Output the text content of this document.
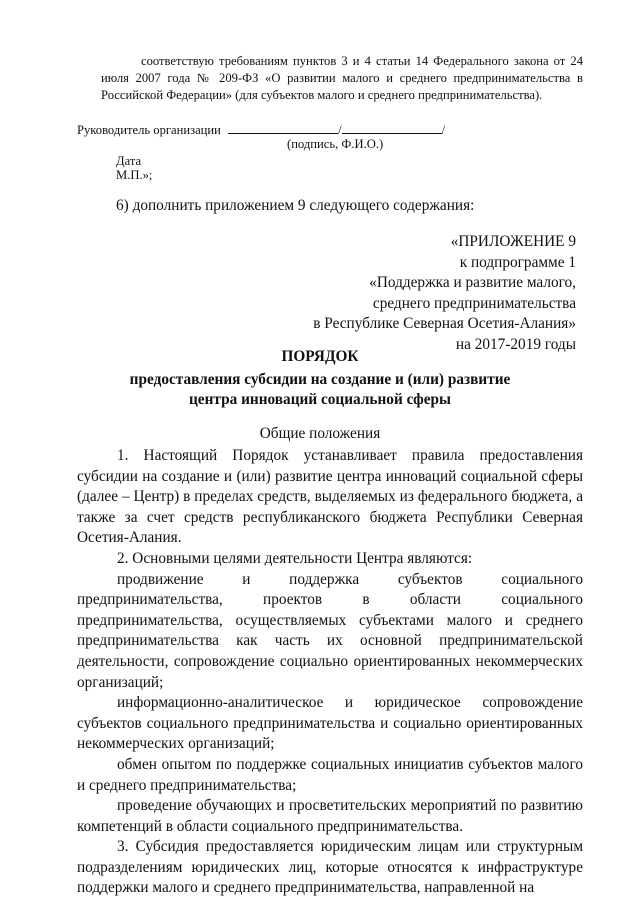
соответствую требованиям пунктов 3 и 4 статьи 14 Федерального закона от 24 июля 2007 года № 209-ФЗ «О развитии малого и среднего предпринимательства в Российской Федерации» (для субъектов малого и среднего предпринимательства).
Руководитель организации	/	/
(подпись, Ф.И.О.)
Дата
М.П.»;
6) дополнить приложением 9 следующего содержания:
«ПРИЛОЖЕНИЕ 9
к подпрограмме 1
«Поддержка и развитие малого,
среднего предпринимательства
в Республике Северная Осетия-Алания»
на 2017-2019 годы
ПОРЯДОК
предоставления субсидии на создание и (или) развитие
центра инноваций социальной сферы
Общие положения

1. Настоящий Порядок устанавливает правила предоставления субсидии на создание и (или) развитие центра инноваций социальной сферы (далее – Центр) в пределах средств, выделяемых из федерального бюджета, а также за счет средств республиканского бюджета Республики Северная Осетия-Алания.

2. Основными целями деятельности Центра являются:

продвижение и поддержка субъектов социального предпринимательства, проектов в области социального предпринимательства, осуществляемых субъектами малого и среднего предпринимательства как часть их основной предпринимательской деятельности, сопровождение социально ориентированных некоммерческих организаций;

информационно-аналитическое и юридическое сопровождение субъектов социального предпринимательства и социально ориентированных некоммерческих организаций;

обмен опытом по поддержке социальных инициатив субъектов малого и среднего предпринимательства;

проведение обучающих и просветительских мероприятий по развитию компетенций в области социального предпринимательства.

3. Субсидия предоставляется юридическим лицам или структурным подразделениям юридических лиц, которые относятся к инфраструктуре поддержки малого и среднего предпринимательства, направленной на
